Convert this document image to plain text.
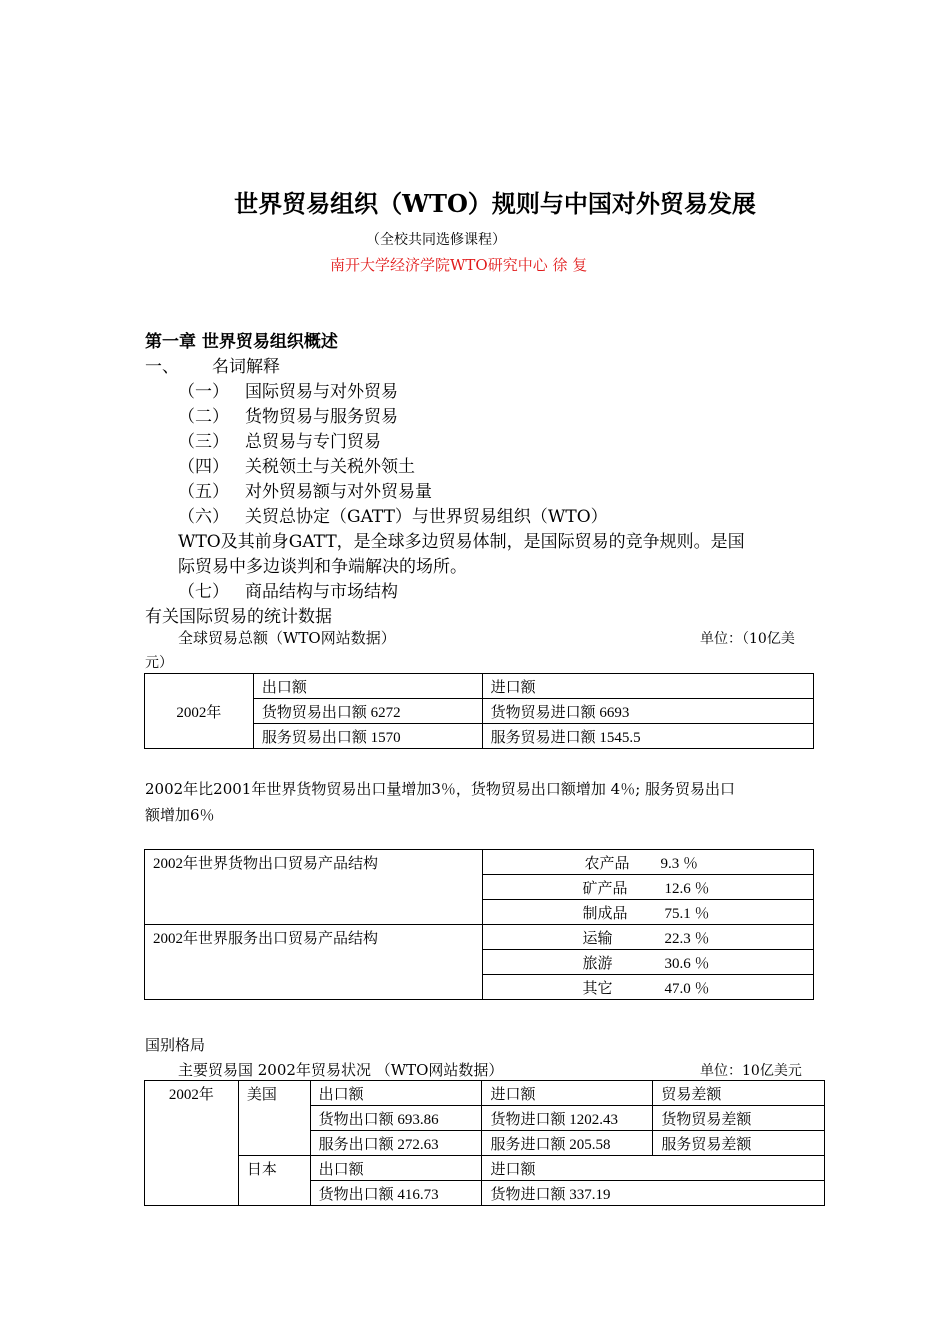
世界贸易组织（WTO）规则与中国对外贸易发展
（全校共同选修课程）
南开大学经济学院WTO研究中心 徐 复
第一章 世界贸易组织概述
一、 名词解释
（一） 国际贸易与对外贸易
（二） 货物贸易与服务贸易
（三） 总贸易与专门贸易
（四） 关税领土与关税外领土
（五） 对外贸易额与对外贸易量
（六） 关贸总协定（GATT）与世界贸易组织（WTO）
WTO及其前身GATT，是全球多边贸易体制，是国际贸易的竞争规则。是国
际贸易中多边谈判和争端解决的场所。
（七） 商品结构与市场结构
有关国际贸易的统计数据
全球贸易总额（WTO网站数据）	单位：（10亿美
元）
2002年	出口额	进口额
	货物贸易出口额 6272	货物贸易进口额 6693
	服务贸易出口额 1570	服务贸易进口额 1545.5
2002年比2001年世界货物贸易出口量增加3％，货物贸易出口额增加 4％; 服务贸易出口
额增加6％
2002年世界货物出口贸易产品结构	农产品 9.3 ％
	矿产品 12.6 ％
	制成品 75.1 ％
2002年世界服务出口贸易产品结构	运输 22.3 ％
	旅游 30.6 ％
	其它 47.0 ％
国别格局
主要贸易国 2002年贸易状况 （WTO网站数据）	单位：10亿美元
2002年	美国	出口额	进口额	贸易差额
		货物出口额 693.86	货物进口额 1202.43	货物贸易差额
		服务出口额 272.63	服务进口额 205.58	服务贸易差额
	日本	出口额	进口额	
		货物出口额 416.73	货物进口额 337.19	
